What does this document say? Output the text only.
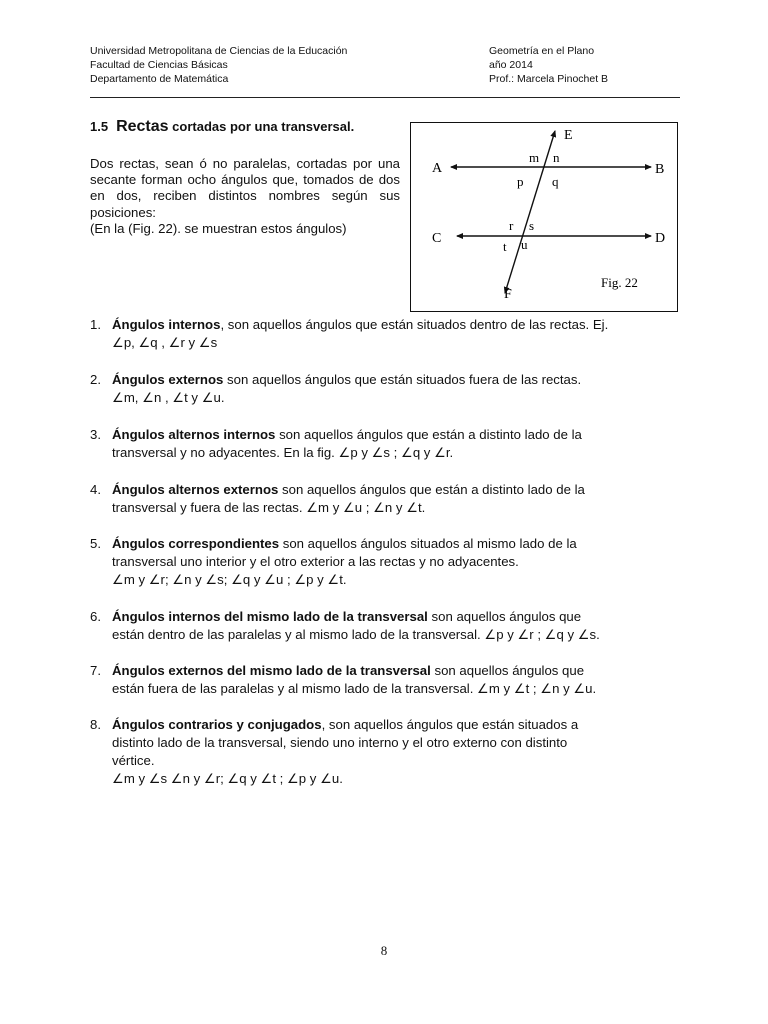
Universidad Metropolitana de Ciencias de la Educación
Facultad de Ciencias Básicas
Departamento de Matemática
Geometría en el Plano
año 2014
Prof.: Marcela Pinochet B
1.5 Rectas cortadas por una transversal.

Dos rectas, sean ó no paralelas, cortadas por una secante forman ocho ángulos que, tomados de dos en dos, reciben distintos nombres según sus posiciones:

(En la (Fig. 22). se muestran estos ángulos)

A	B
C	D
E
F
m n
p q
r s
t u
Fig. 22
1. Ángulos internos, son aquellos ángulos que están situados dentro de las rectas. Ej.

∠p, ∠q , ∠r y ∠s

2. Ángulos externos son aquellos ángulos que están situados fuera de las rectas.

∠m, ∠n , ∠t y ∠u.

3. Ángulos alternos internos son aquellos ángulos que están a distinto lado de la

transversal y no adyacentes. En la fig. ∠p y ∠s ; ∠q y ∠r.

4. Ángulos alternos externos son aquellos ángulos que están a distinto lado de la

transversal y fuera de las rectas. ∠m y ∠u ; ∠n y ∠t.

5. Ángulos correspondientes son aquellos ángulos situados al mismo lado de la

transversal uno interior y el otro exterior a las rectas y no adyacentes.

∠m y ∠r; ∠n y ∠s; ∠q y ∠u ; ∠p y ∠t.

6. Ángulos internos del mismo lado de la transversal son aquellos ángulos que

están dentro de las paralelas y al mismo lado de la transversal. ∠p y ∠r ; ∠q y ∠s.

7. Ángulos externos del mismo lado de la transversal son aquellos ángulos que

están fuera de las paralelas y al mismo lado de la transversal. ∠m y ∠t ; ∠n y ∠u.

8. Ángulos contrarios y conjugados, son aquellos ángulos que están situados a

distinto lado de la transversal, siendo uno interno y el otro externo con distinto

vértice.

∠m y ∠s ∠n y ∠r; ∠q y ∠t ; ∠p y ∠u.

8
